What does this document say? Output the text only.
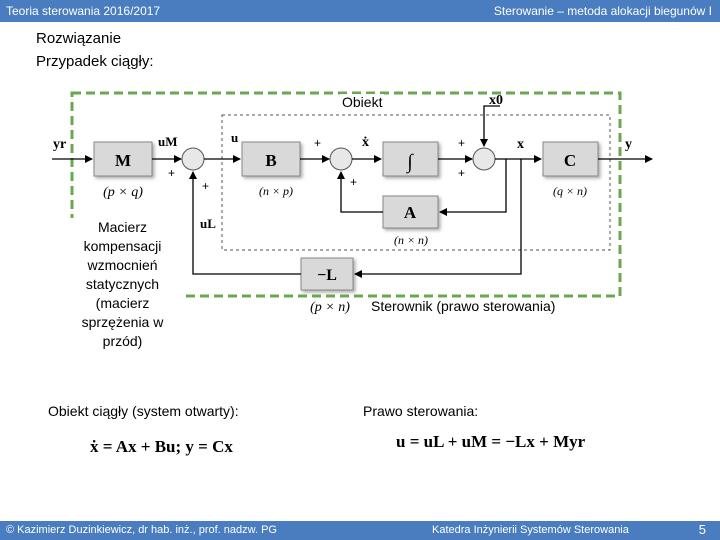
Teoria sterowania 2016/2017	Sterowanie – metoda alokacji biegunów I
Rozwiązanie
Przypadek ciągły:
M	B	∫	C
A
−L
(p × q)	(n × p)	(q × n)
(n × n)
(p × n)
yr	uM	u	ẋ	x
x0
y
uL
+
+
+
+
+
+
Obiekt
Macierz kompensacji wzmocnień statycznych (macierz sprzężenia w przód)
Sterownik (prawo sterowania)
Obiekt ciągły (system otwarty):
ẋ = Ax + Bu; y = Cx
Prawo sterowania:
u = uL + uM = −Lx + Myr
© Kazimierz Duzinkiewicz, dr hab. inż., prof. nadzw. PG	Katedra Inżynierii Systemów Sterowania	5
